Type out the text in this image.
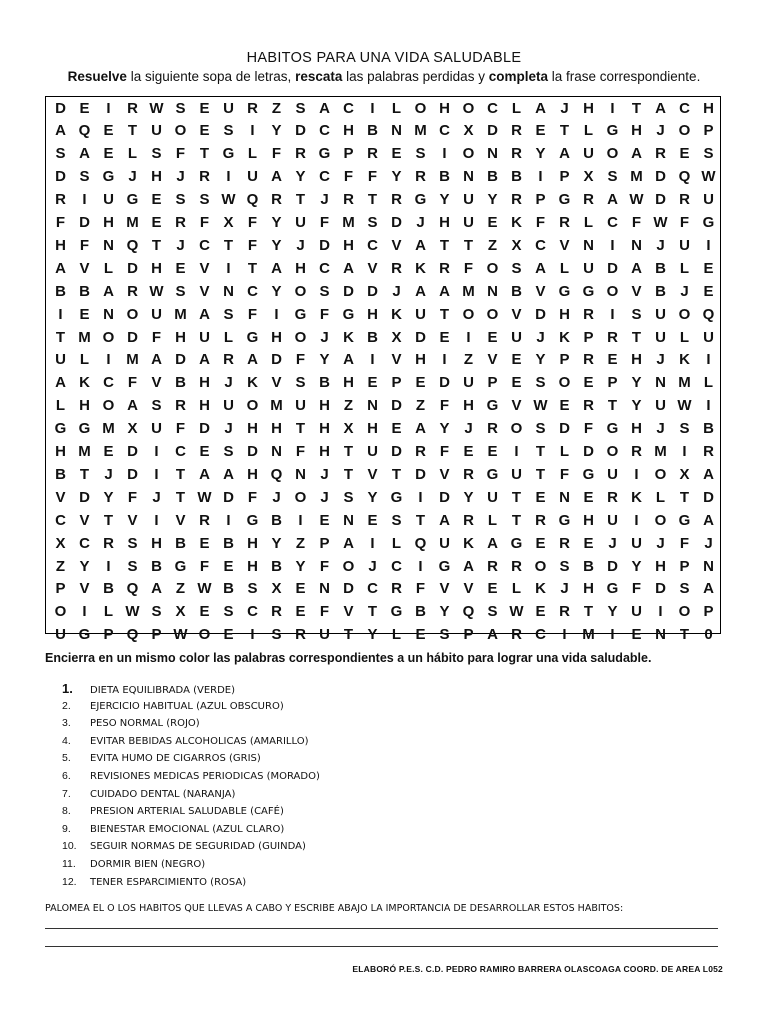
HABITOS PARA UNA VIDA SALUDABLE
Resuelve la siguiente sopa de letras, rescata las palabras perdidas y completa la frase correspondiente.
D E	I	R W S E U R Z S A C	I	L O H O C L A J H	I	T A C H
A Q E T U O E S	I	Y D C H B N M C X D R E T L G H J O P
S A E L S F T G L F R G P R E S	I	O N R Y A U O A R E S
D S G J H J R	I	U A Y C F F Y R B N B B	I	P X S M D Q W
R	I	U G E S S W Q R T	J R T R G Y U Y R P G R A W D R U
F D H M E R F X F Y U F M S D J H U E K F R L C F W F G
H F N Q T	J C T F Y J D H C V A T T Z X C V N	I	N J U	I
A V L D H E V	I	T A H C A V R K R F O S A L U D A B L E
B B A R W S V N C Y O S D D J A A M N B V G G O V B J E
I	E N O U M A S F	I	G F G H K U T O O V D H R	I	S U O Q
T M O D F H U L G H O J K B X D E	I	E U J K P R T U L U
U L	I	M A D A R A D F Y A	I	V H	I	Z V E Y P R E H J K	I
A K C F V B H J K V S B H E P E D U P E S O E P Y N M L
L H O A S R H U O M U H Z N D Z F H G V W E R T Y U W I
G G M X U F D J H H T H X H E A Y J R O S D F G H J S B
H M E D	I	C E S D N F H T U D R F E E	I	T L D O R M	I	R
B T	J D	I	T A A H Q N J	T V T D V R G U T F G U	I	O X A
V D Y F	J	T W D F	J O J S Y G	I	D Y U T E N E R K L T D
C V T V	I	V R	I	G B	I	E N E S T A R L T R G H U	I	O G A
X C R S H B E B H Y Z P A	I	L Q U K A G E R E J U J	F	J
Z Y	I	S B G F E H B Y F O J C	I	G A R R O S B D Y H P N
P V B Q A Z W B S X E N D C R F V V E L K J H G F D S A
O	I	L W S X E S C R E F V T G B Y Q S W E R T Y U	I	O P
U G P Q P W O E	I	S R U T Y L E S P A R C	I	M	I	E N T	0
Encierra en un mismo color las palabras correspondientes a un hábito para lograr una vida saludable.
1. DIETA EQUILIBRADA (VERDE)
2. EJERCICIO HABITUAL (AZUL OBSCURO)
3. PESO NORMAL (ROJO)
4. EVITAR BEBIDAS ALCOHOLICAS (AMARILLO)
5. EVITA HUMO DE CIGARROS (GRIS)
6. REVISIONES MEDICAS PERIODICAS (MORADO)
7. CUIDADO DENTAL (NARANJA)
8. PRESION ARTERIAL SALUDABLE (CAFÉ)
9. BIENESTAR EMOCIONAL (AZUL CLARO)
10. SEGUIR NORMAS DE SEGURIDAD (GUINDA)
11. DORMIR BIEN (NEGRO)
12. TENER ESPARCIMIENTO (ROSA)
PALOMEA EL O LOS HABITOS QUE LLEVAS A CABO Y ESCRIBE ABAJO LA IMPORTANCIA DE DESARROLLAR ESTOS HABITOS:
ELABORÓ P.E.S. C.D. PEDRO RAMIRO BARRERA OLASCOAGA COORD. DE AREA L052
